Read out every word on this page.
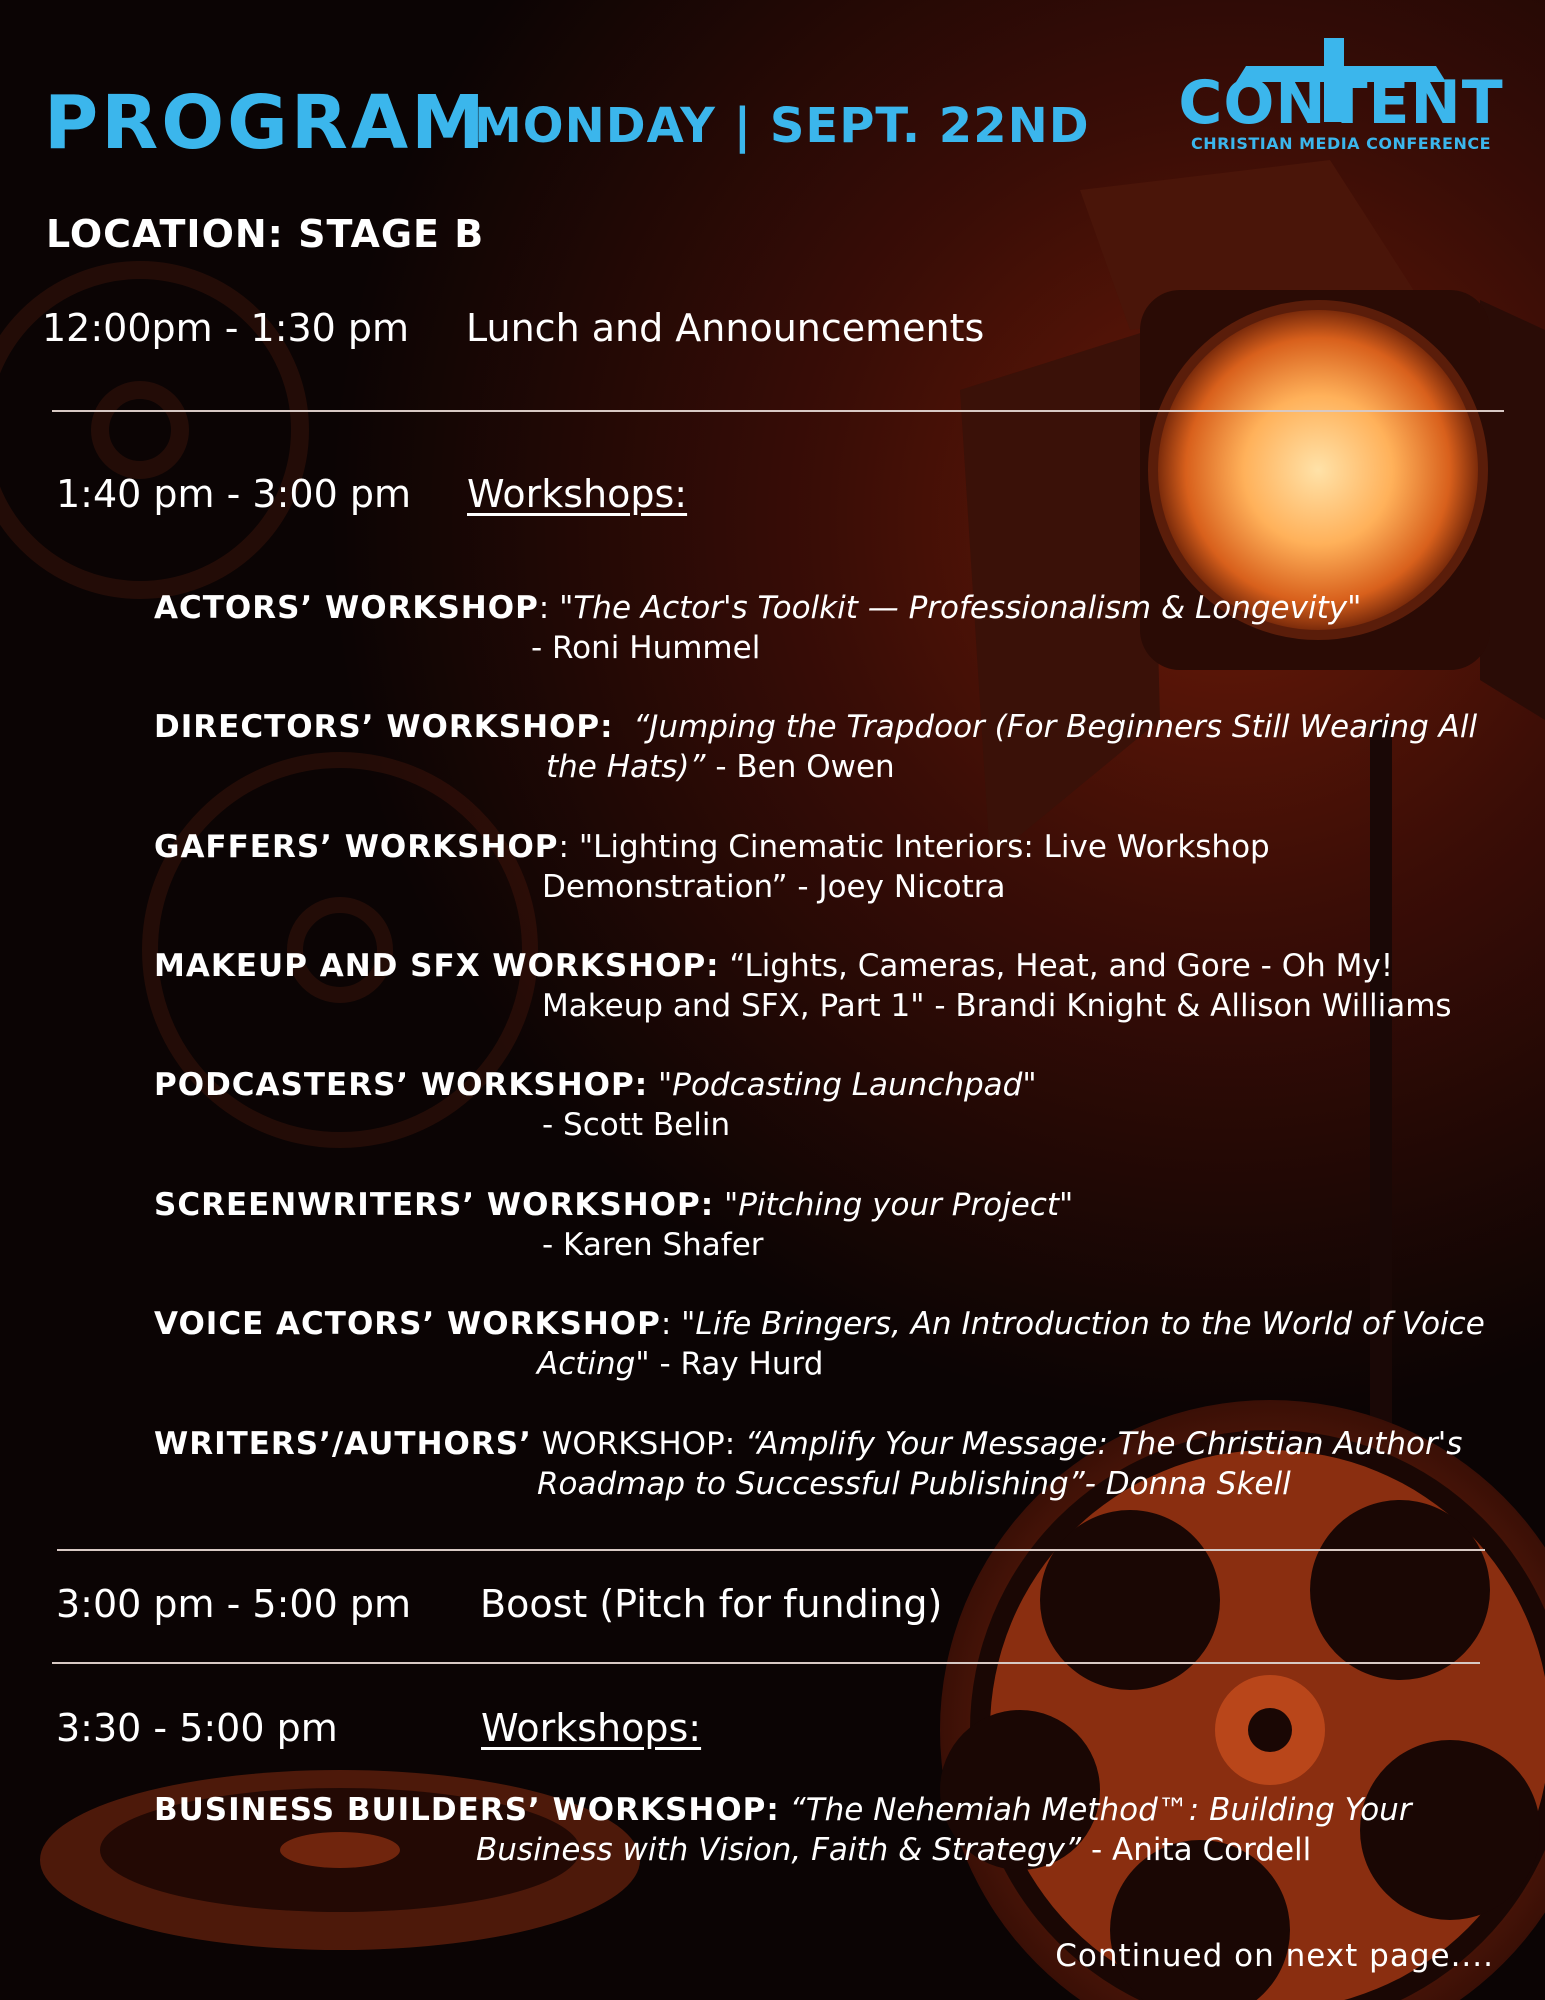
PROGRAM
MONDAY | SEPT. 22ND CONTENT
CHRISTIAN MEDIA CONFERENCE
LOCATION: STAGE B
12:00pm - 1:30 pm Lunch and Announcements
1:40 pm - 3:00 pm Workshops:
ACTORS’ WORKSHOP: "The Actor's Toolkit — Professionalism & Longevity"
- Roni Hummel
DIRECTORS’ WORKSHOP: “Jumping the Trapdoor (For Beginners Still Wearing All
the Hats)” - Ben Owen
GAFFERS’ WORKSHOP: "Lighting Cinematic Interiors: Live Workshop
Demonstration” - Joey Nicotra
MAKEUP AND SFX WORKSHOP: “Lights, Cameras, Heat, and Gore - Oh My!
Makeup and SFX, Part 1" - Brandi Knight & Allison Williams
PODCASTERS’ WORKSHOP: "Podcasting Launchpad"
- Scott Belin
SCREENWRITERS’ WORKSHOP: "Pitching your Project"
- Karen Shafer
VOICE ACTORS’ WORKSHOP: "Life Bringers, An Introduction to the World of Voice
Acting" - Ray Hurd
WRITERS’/AUTHORS’ WORKSHOP: “Amplify Your Message: The Christian Author's
Roadmap to Successful Publishing”- Donna Skell
3:00 pm - 5:00 pm Boost (Pitch for funding)
3:30 - 5:00 pm	Workshops:
BUSINESS BUILDERS’ WORKSHOP: “The Nehemiah Method™: Building Your
Business with Vision, Faith & Strategy” - Anita Cordell
Continued on next page....
